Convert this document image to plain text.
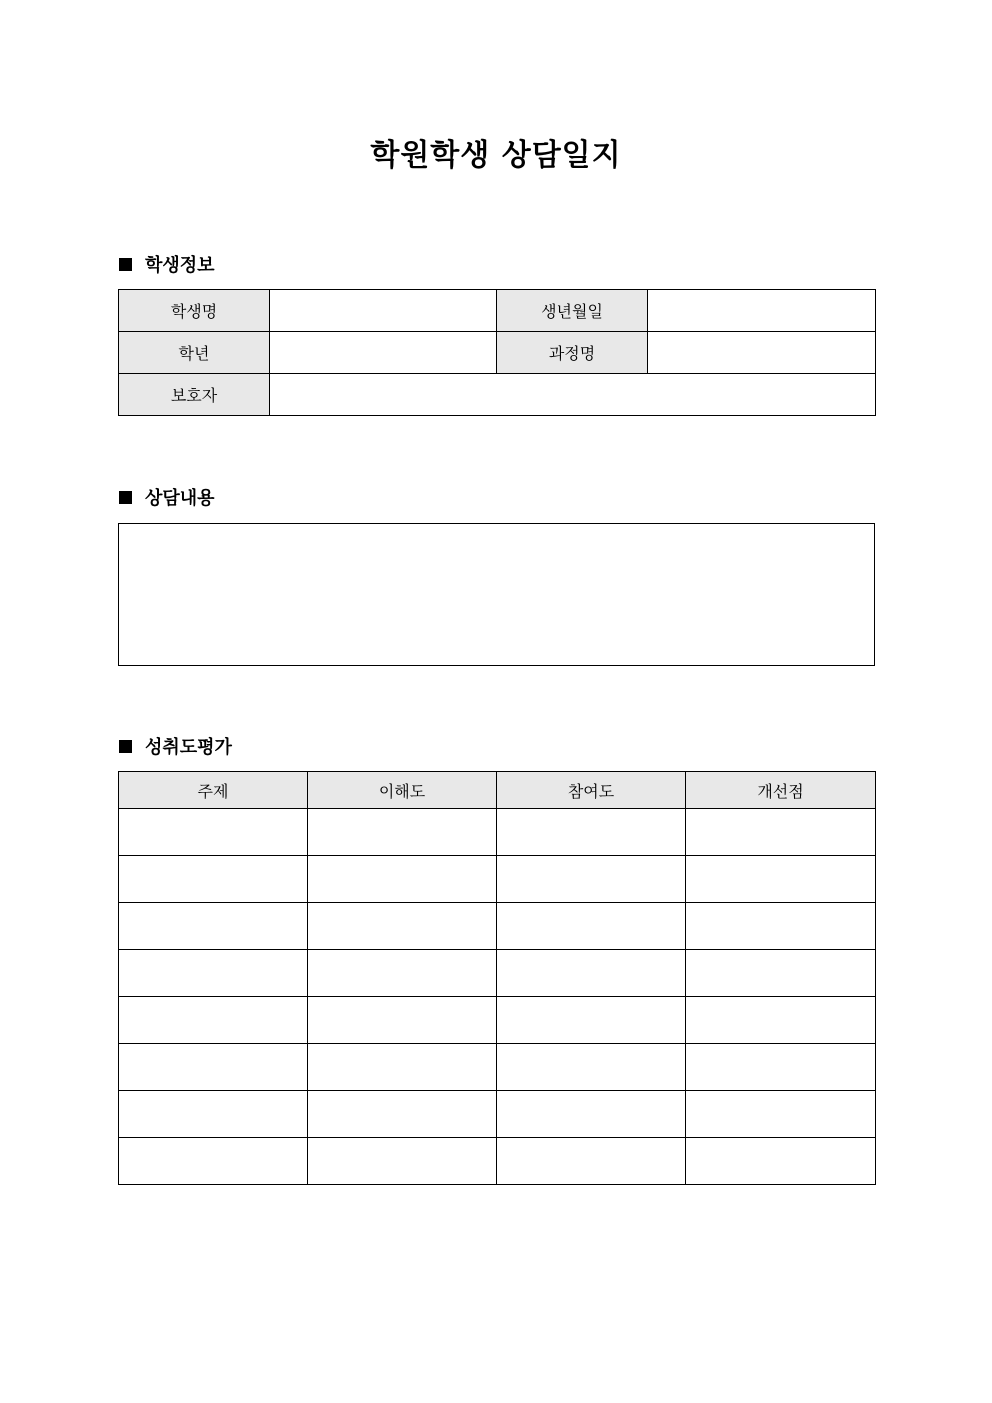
학원학생 상담일지
학생정보
학생명		생년월일	
학년		과정명	
보호자			
상담내용
성취도평가
주제	이해도	참여도	개선점
